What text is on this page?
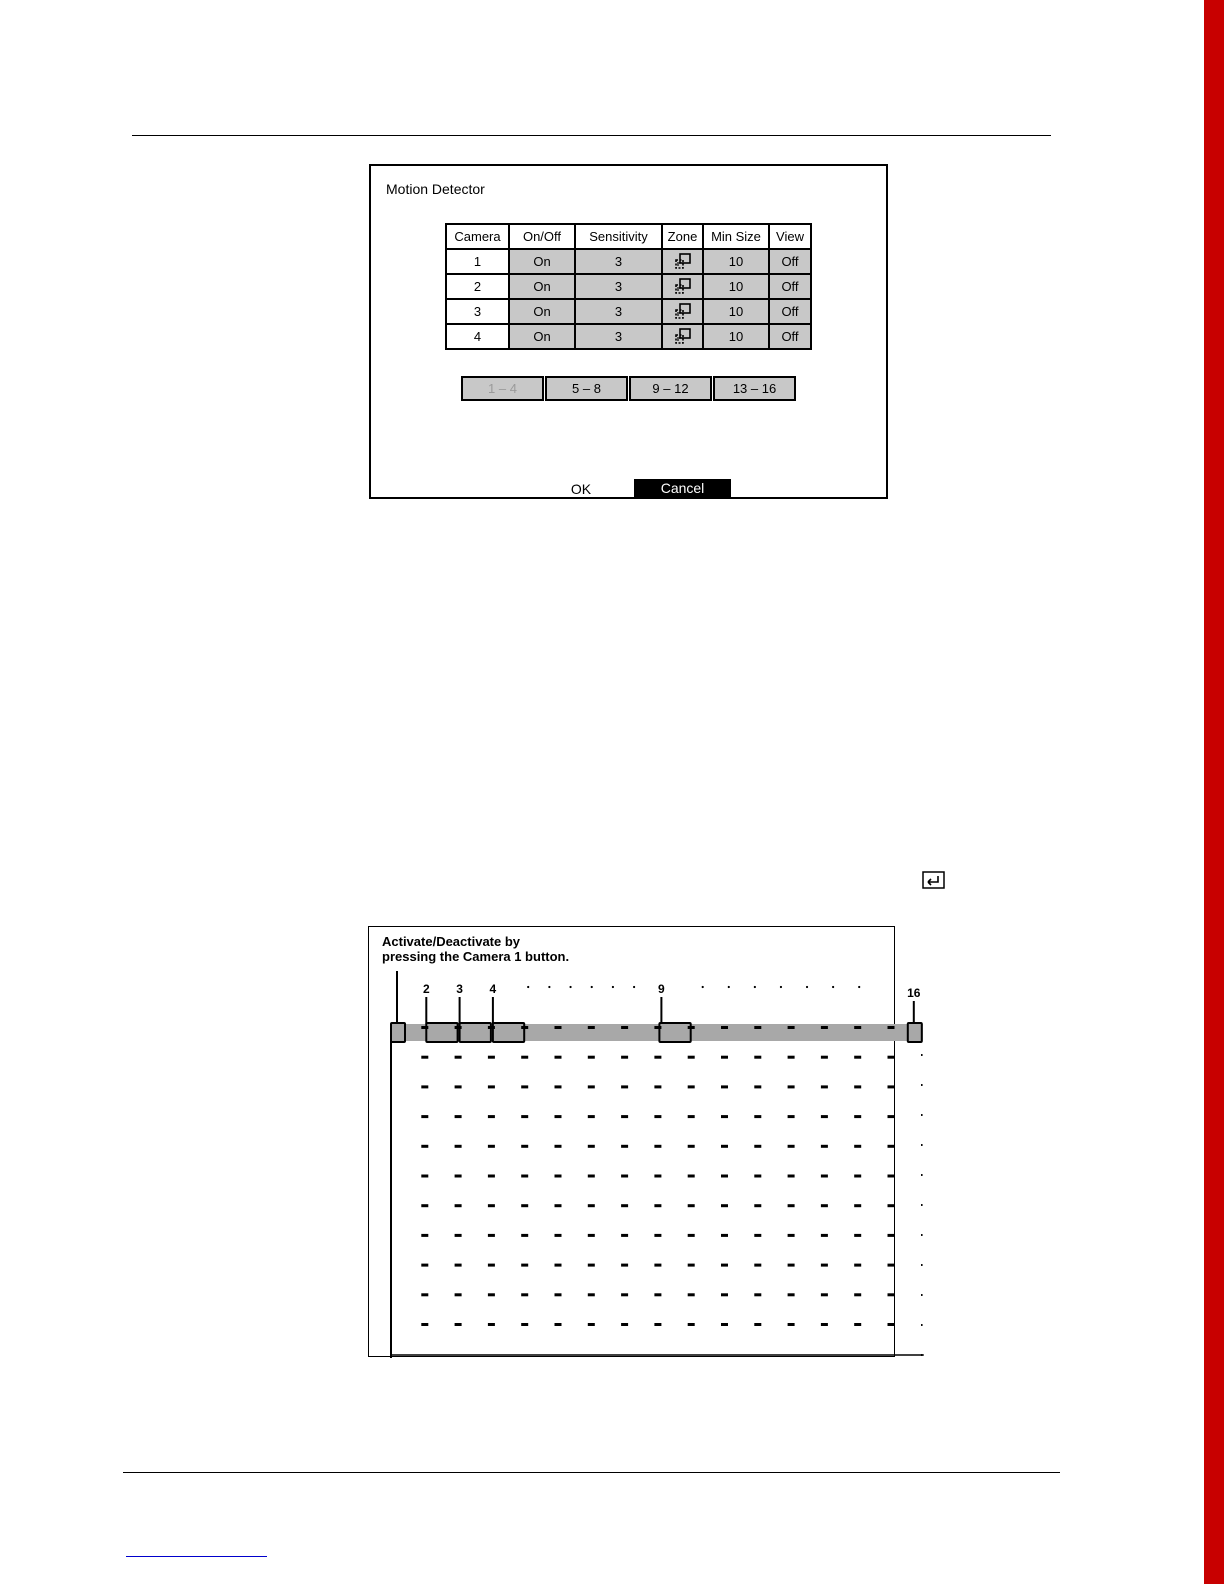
Motion Detector
Camera	On/Off	Sensitivity	Zone	Min Size	View
1	On	3		10	Off
2	On	3		10	Off
3	On	3		10	Off
4	On	3		10	Off
1 – 4	5 – 8	9 – 12	13 – 16
OK	Cancel
Activate/Deactivate by
pressing the Camera 1 button.
2 3 4	9	16
